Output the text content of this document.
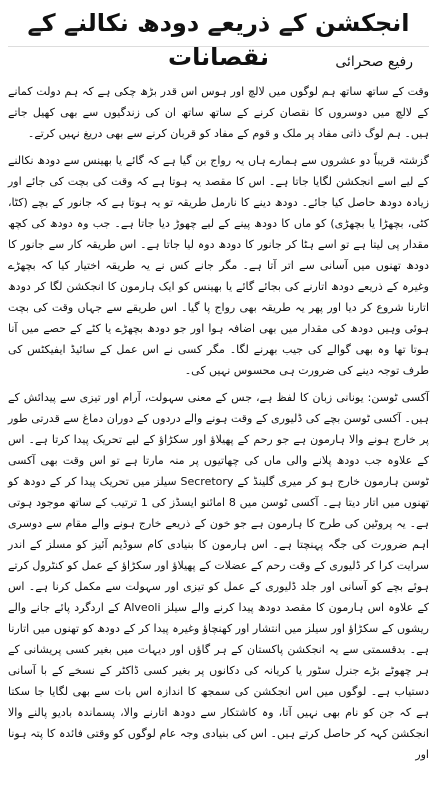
انجکشن کے ذریعے دودھ نکالنے کے نقصانات	رفیع صحرائی

وقت کے ساتھ ساتھ ہم لوگوں میں لالچ اور ہوس اس قدر بڑھ چکی ہے کہ ہم دولت کمانے کے لالچ میں دوسروں کا نقصان کرنے کے ساتھ ساتھ ان کی زندگیوں سے بھی کھیل جاتے ہیں۔ ہم لوگ ذاتی مفاد پر ملک و قوم کے مفاد کو قربان کرنے سے بھی دریغ نہیں کرتے۔

گزشتہ قریباً دو عشروں سے ہمارے ہاں یہ رواج بن گیا ہے کہ گائے یا بھینس سے دودھ نکالنے کے لیے اسے انجکشن لگایا جاتا ہے۔ اس کا مقصد یہ ہوتا ہے کہ وقت کی بچت کی جائے اور زیادہ دودھ حاصل کیا جائے۔ دودھ دینے کا نارمل طریقہ تو یہ ہوتا ہے کہ جانور کے بچے (کٹا، کٹی، بچھڑا یا بچھڑی) کو ماں کا دودھ پینے کے لیے چھوڑ دیا جاتا ہے۔ جب وہ دودھ کی کچھ مقدار پی لیتا ہے تو اسے ہٹا کر جانور کا دودھ دوہ لیا جاتا ہے۔ اس طریقہ کار سے جانور کا دودھ تھنوں میں آسانی سے اتر آتا ہے۔ مگر جانے کس نے یہ طریقہ اختیار کیا کہ بچھڑے وغیرہ کے ذریعے دودھ اتارنے کی بجائے گائے یا بھینس کو ایک ہارمون کا انجکشن لگا کر دودھ اتارنا شروع کر دیا اور پھر یہ طریقہ بھی رواج پا گیا۔ اس طریقے سے جہاں وقت کی بچت ہوئی وہیں دودھ کی مقدار میں بھی اضافہ ہوا اور جو دودھ بچھڑے یا کٹے کے حصے میں آنا ہوتا تھا وہ بھی گوالے کی جیب بھرنے لگا۔ مگر کسی نے اس عمل کے سائیڈ ایفیکٹس کی طرف توجہ دینے کی ضرورت ہی محسوس نہیں کی۔

آکسی ٹوسن: یونانی زبان کا لفظ ہے، جس کے معنی سہولت، آرام اور تیزی سے پیدائش کے ہیں۔ آکسی ٹوسن بچے کی ڈلیوری کے وقت ہونے والے دردوں کے دوران دماغ سے قدرتی طور پر خارج ہونے والا ہارمون ہے جو رحم کے پھیلاؤ اور سکڑاؤ کے لیے تحریک پیدا کرتا ہے۔ اس کے علاوہ جب دودھ پلانے والی ماں کی چھاتیوں پر منہ مارتا ہے تو اس وقت بھی آکسی ٹوسن ہارمون خارج ہو کر میری گلینڈ کے Secretory سیلز میں تحریک پیدا کر کے دودھ کو تھنوں میں اتار دیتا ہے۔ آکسی ٹوسن میں 8 امائنو ایسڈز کی 1 ترتیب کے ساتھ موجود ہوتی ہے۔ یہ پروٹین کی طرح کا ہارمون ہے جو خون کے ذریعے خارج ہونے والے مقام سے دوسری اہم ضرورت کی جگہ پہنچتا ہے۔ اس ہارمون کا بنیادی کام سوڈیم آئیز کو مسلز کے اندر سرایت کرا کر ڈلیوری کے وقت رحم کے عضلات کے پھیلاؤ اور سکڑاؤ کے عمل کو کنٹرول کرتے ہوئے بچے کو آسانی اور جلد ڈلیوری کے عمل کو تیزی اور سہولت سے مکمل کرنا ہے۔ اس کے علاوہ اس ہارمون کا مقصد دودھ پیدا کرنے والے سیلز Alveoli کے اردگرد پائے جانے والے ریشوں کے سکڑاؤ اور سیلز میں انتشار اور کھنچاؤ وغیرہ پیدا کر کے دودھ کو تھنوں میں اتارنا ہے۔ بدقسمتی سے یہ انجکشن پاکستان کے ہر گاؤں اور دیہات میں بغیر کسی پریشانی کے ہر چھوٹے بڑے جنرل سٹور یا کریانہ کی دکانوں پر بغیر کسی ڈاکٹر کے نسخے کے با آسانی دستیاب ہے۔ لوگوں میں اس انجکشن کی سمجھ کا اندازہ اس بات سے بھی لگایا جا سکتا ہے کہ جن کو نام بھی نہیں آتا، وہ کاشتکار سے دودھ اتارنے والا، پسماندہ بادیو پالنے والا انجکشن کہہ کر حاصل کرتے ہیں۔ اس کی بنیادی وجہ عام لوگوں کو وقتی فائدہ کا پتہ ہونا اور
